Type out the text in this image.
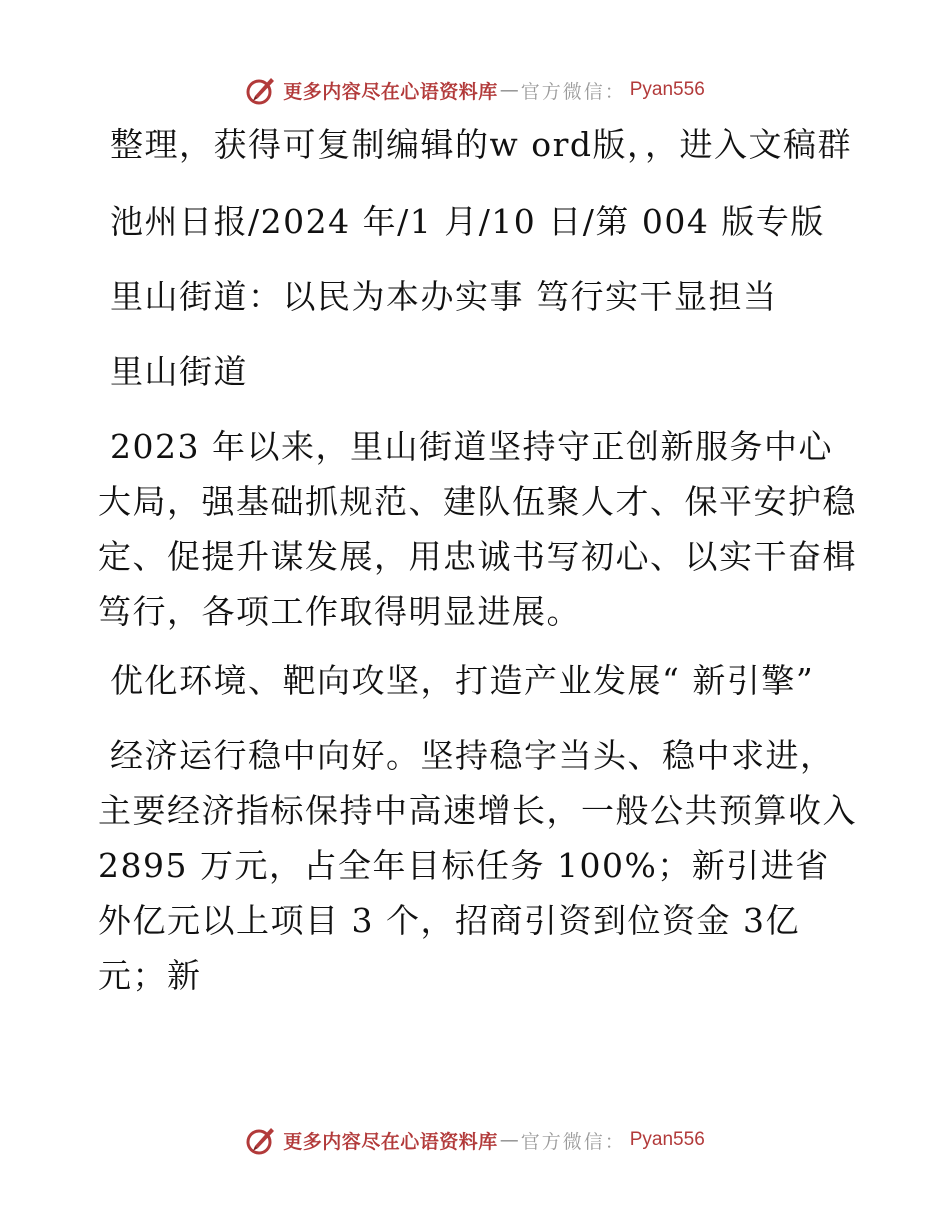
更多内容尽在心语资料库 — 官方微信： Pyan556

整理，获得可复制编辑的w ord版，，进入文稿群

池州日报/2024 年/1 月/10 日/第 004 版专版

里山街道：以民为本办实事 笃行实干显担当

里山街道

2023 年以来，里山街道坚持守正创新服务中心大局，强基础抓规范、建队伍聚人才、保平安护稳定、促提升谋发展，用忠诚书写初心、以实干奋楫笃行，各项工作取得明显进展。

优化环境、靶向攻坚，打造产业发展“ 新引擎”

经济运行稳中向好。坚持稳字当头、稳中求进，主要经济指标保持中高速增长，一般公共预算收入 2895 万元，占全年目标任务 100%；新引进省外亿元以上项目 3 个，招商引资到位资金 3亿元；新

更多内容尽在心语资料库 — 官方微信： Pyan556
